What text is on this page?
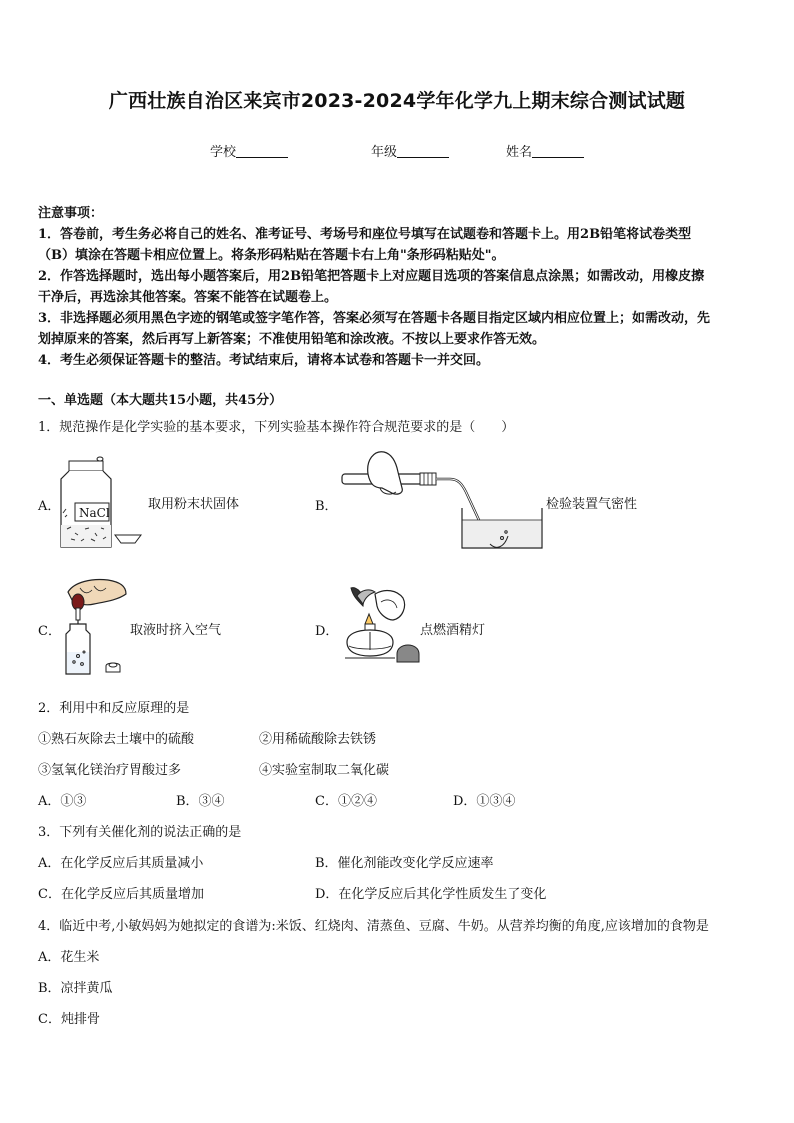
广西壮族自治区来宾市2023-2024学年化学九上期末综合测试试题
学校	年级	姓名

注意事项：

1．答卷前，考生务必将自己的姓名、准考证号、考场号和座位号填写在试题卷和答题卡上。用2B铅笔将试卷类型

（B）填涂在答题卡相应位置上。将条形码粘贴在答题卡右上角"条形码粘贴处"。

2．作答选择题时，选出每小题答案后，用2B铅笔把答题卡上对应题目选项的答案信息点涂黑；如需改动，用橡皮擦

干净后，再选涂其他答案。答案不能答在试题卷上。

3．非选择题必须用黑色字迹的钢笔或签字笔作答，答案必须写在答题卡各题目指定区域内相应位置上；如需改动，先

划掉原来的答案，然后再写上新答案；不准使用铅笔和涂改液。不按以上要求作答无效。

4．考生必须保证答题卡的整洁。考试结束后，请将本试卷和答题卡一并交回。

一、单选题（本大题共15小题，共45分）
1．规范操作是化学实验的基本要求，下列实验基本操作符合规范要求的是（　　）
A． NaCl
取用粉末状固体	B．	检验装置气密性
C．	取液时挤入空气	D．	点燃酒精灯
2．利用中和反应原理的是
①熟石灰除去土壤中的硫酸	②用稀硫酸除去铁锈
③氢氧化镁治疗胃酸过多	④实验室制取二氧化碳
A．①③	B．③④	C．①②④	D．①③④
3．下列有关催化剂的说法正确的是
A．在化学反应后其质量减小	B．催化剂能改变化学反应速率
C．在化学反应后其质量增加	D．在化学反应后其化学性质发生了变化
4．临近中考,小敏妈妈为她拟定的食谱为:米饭、红烧肉、清蒸鱼、豆腐、牛奶。从营养均衡的角度,应该增加的食物是
A．花生米
B．凉拌黄瓜
C．炖排骨
